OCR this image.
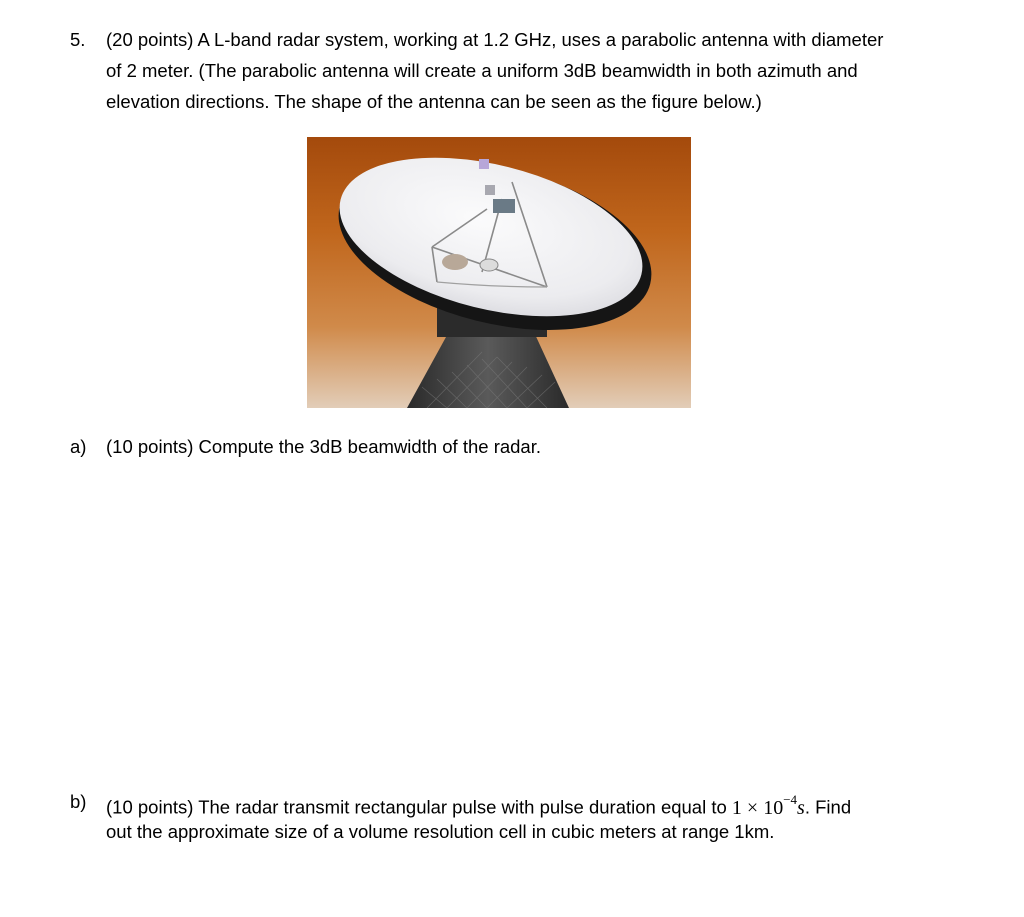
5. (20 points) A L-band radar system, working at 1.2 GHz, uses a parabolic antenna with diameter
of 2 meter. (The parabolic antenna will create a uniform 3dB beamwidth in both azimuth and
elevation directions. The shape of the antenna can be seen as the figure below.)
a) (10 points) Compute the 3dB beamwidth of the radar.
b) (10 points) The radar transmit rectangular pulse with pulse duration equal to $1 \times 10^{-4}s$. Find
out the approximate size of a volume resolution cell in cubic meters at range 1km.
